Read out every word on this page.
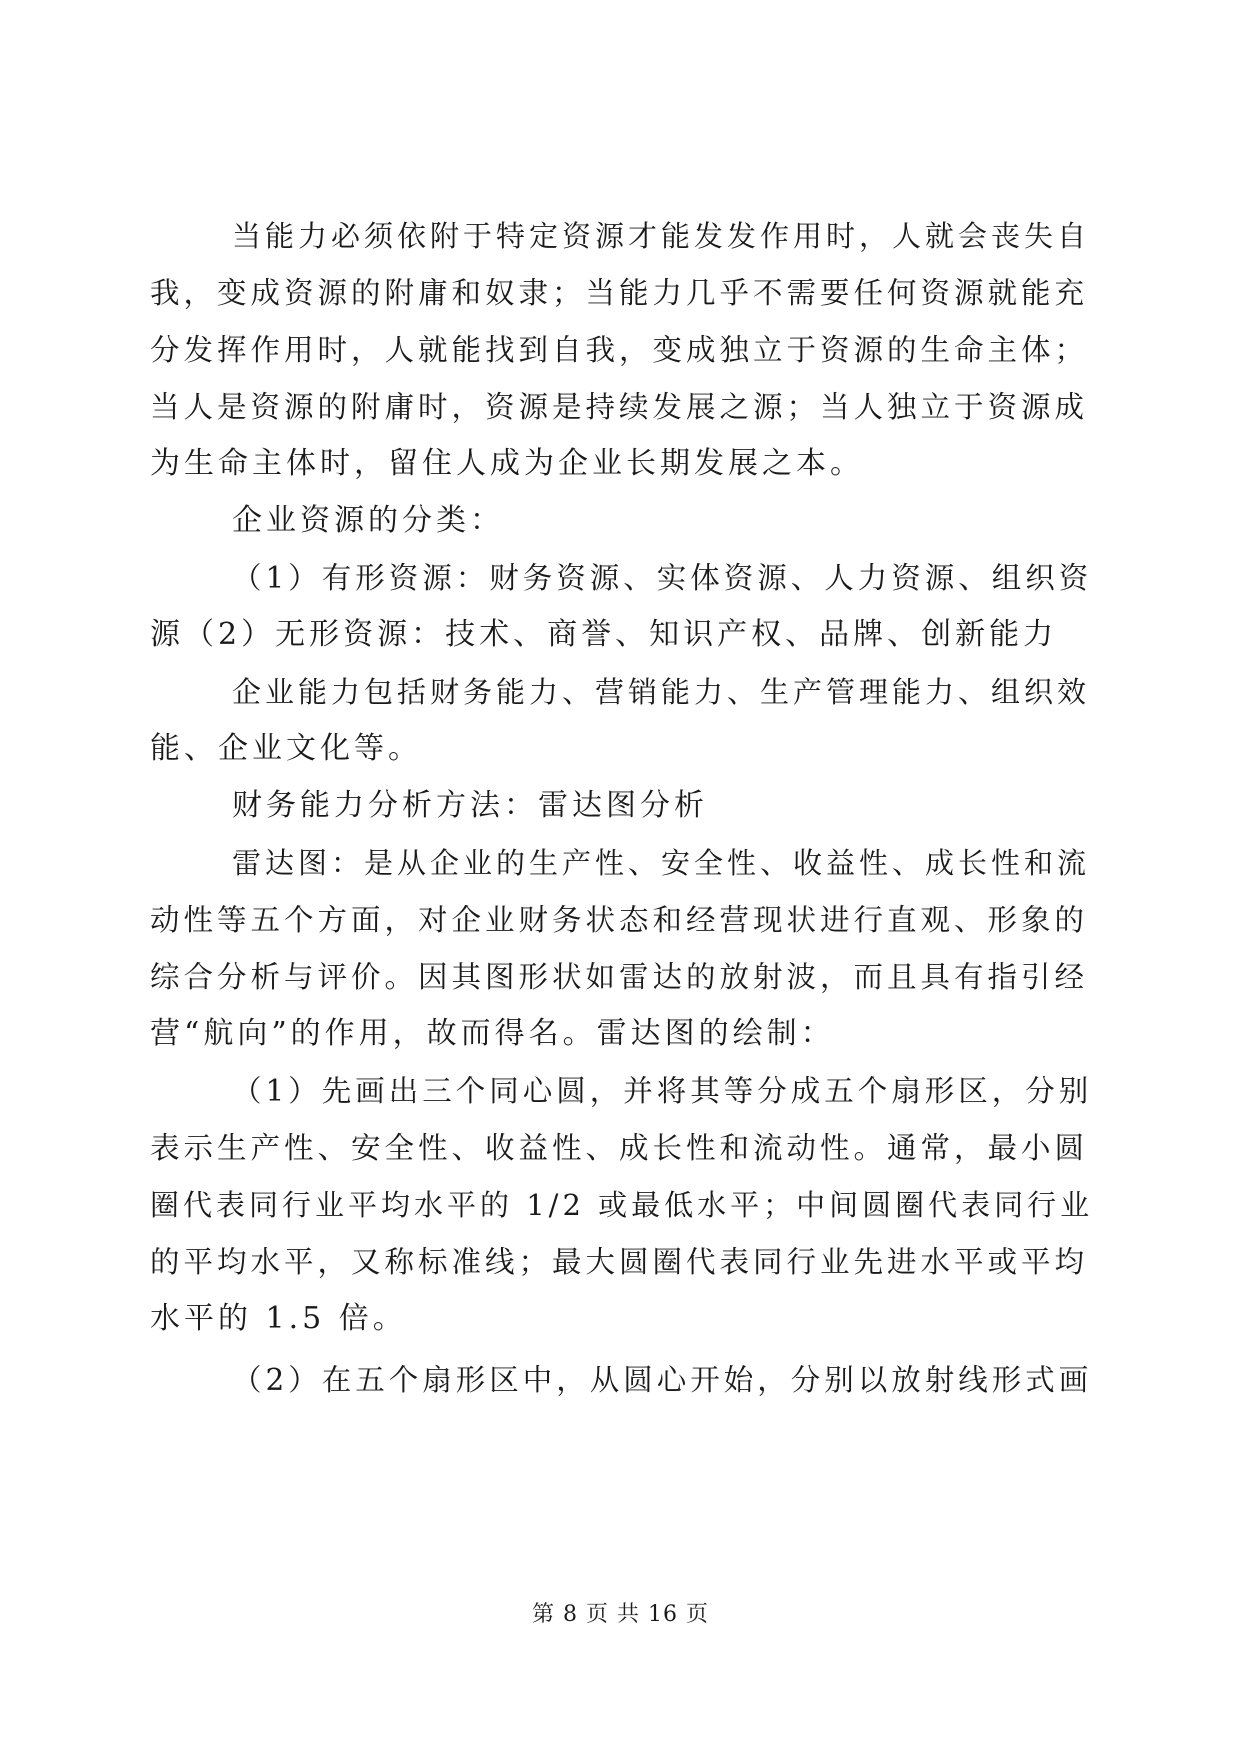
当能力必须依附于特定资源才能发发作用时，人就会丧失自
我，变成资源的附庸和奴隶；当能力几乎不需要任何资源就能充
分发挥作用时，人就能找到自我，变成独立于资源的生命主体；
当人是资源的附庸时，资源是持续发展之源；当人独立于资源成
为生命主体时，留住人成为企业长期发展之本。
企业资源的分类：
（1）有形资源：财务资源、实体资源、人力资源、组织资
源（2）无形资源：技术、商誉、知识产权、品牌、创新能力
企业能力包括财务能力、营销能力、生产管理能力、组织效
能、企业文化等。
财务能力分析方法：雷达图分析
雷达图：是从企业的生产性、安全性、收益性、成长性和流
动性等五个方面，对企业财务状态和经营现状进行直观、形象的
综合分析与评价。因其图形状如雷达的放射波，而且具有指引经
营“航向”的作用，故而得名。雷达图的绘制：
（1）先画出三个同心圆，并将其等分成五个扇形区，分别
表示生产性、安全性、收益性、成长性和流动性。通常，最小圆
圈代表同行业平均水平的 1/2 或最低水平；中间圆圈代表同行业
的平均水平，又称标准线；最大圆圈代表同行业先进水平或平均
水平的 1.5 倍。
（2）在五个扇形区中，从圆心开始，分别以放射线形式画
第 8 页 共 16 页
